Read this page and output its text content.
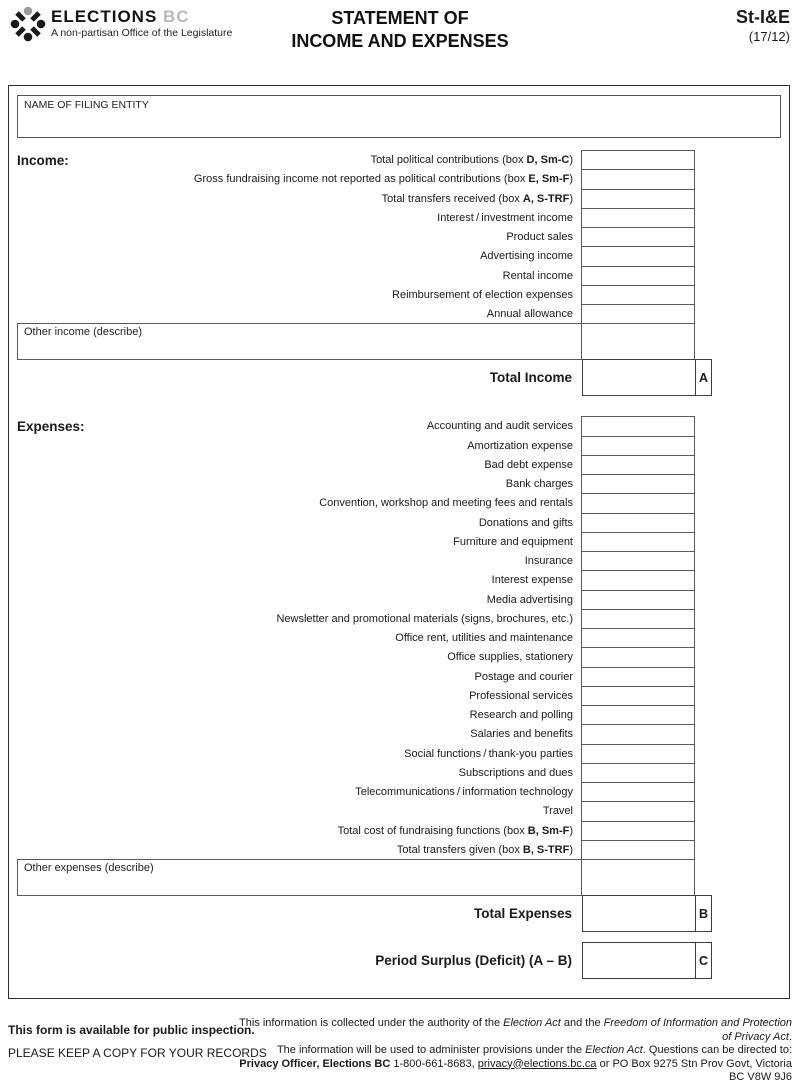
ELECTIONS BC
A non-partisan Office of the Legislature
STATEMENT OF
INCOME AND EXPENSES
St-I&E
(17/12)
NAME OF FILING ENTITY
Income:	Total political contributions (box D, Sm-C)
Gross fundraising income not reported as political contributions (box E, Sm-F)
Total transfers received (box A, S-TRF)
Interest / investment income
Product sales
Advertising income
Rental income
Reimbursement of election expenses
Annual allowance
Other income (describe)
Total Income	A
Expenses:	Accounting and audit services
Amortization expense
Bad debt expense
Bank charges
Convention, workshop and meeting fees and rentals
Donations and gifts
Furniture and equipment
Insurance
Interest expense
Media advertising
Newsletter and promotional materials (signs, brochures, etc.)
Office rent, utilities and maintenance
Office supplies, stationery
Postage and courier
Professional services
Research and polling
Salaries and benefits
Social functions / thank-you parties
Subscriptions and dues
Telecommunications / information technology
Travel
Total cost of fundraising functions (box B, Sm-F)
Total transfers given (box B, S-TRF)
Other expenses (describe)
Total Expenses	B
Period Surplus (Deficit) (A – B)	C
This form is available for public inspection.
PLEASE KEEP A COPY FOR YOUR RECORDS
This information is collected under the authority of the Election Act and the Freedom of Information and Protection of Privacy Act.
The information will be used to administer provisions under the Election Act. Questions can be directed to:
Privacy Officer, Elections BC 1-800-661-8683, privacy@elections.bc.ca or PO Box 9275 Stn Prov Govt, Victoria BC V8W 9J6
